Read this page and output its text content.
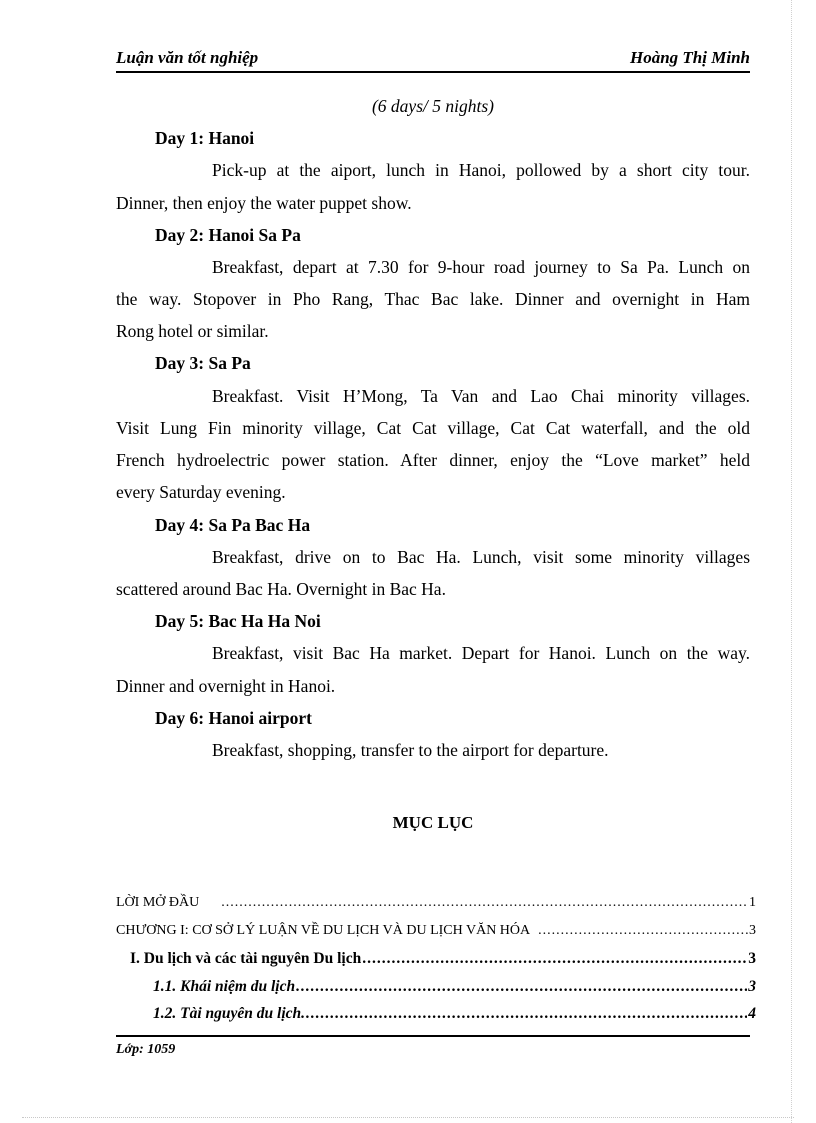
Luận văn tốt nghiệp	Hoàng Thị Minh
(6 days/ 5 nights)
Day 1: Hanoi
Pick-up at the aiport, lunch in Hanoi, pollowed by a short city tour.
Dinner, then enjoy the water puppet show.
Day 2: Hanoi Sa Pa
Breakfast, depart at 7.30 for 9-hour road journey to Sa Pa. Lunch on
the way. Stopover in Pho Rang, Thac Bac lake. Dinner and overnight in Ham
Rong hotel or similar.
Day 3: Sa Pa
Breakfast. Visit H’Mong, Ta Van and Lao Chai minority villages.
Visit Lung Fin minority village, Cat Cat village, Cat Cat waterfall, and the old
French hydroelectric power station. After dinner, enjoy the “Love market” held
every Saturday evening.
Day 4: Sa Pa Bac Ha
Breakfast, drive on to Bac Ha. Lunch, visit some minority villages
scattered around Bac Ha. Overnight in Bac Ha.
Day 5: Bac Ha Ha Noi
Breakfast, visit Bac Ha market. Depart for Hanoi. Lunch on the way.
Dinner and overnight in Hanoi.
Day 6: Hanoi airport
Breakfast, shopping, transfer to the airport for departure.
MỤC LỤC
LỜI MỞ ĐẦU .....	1
CHƯƠNG I: CƠ SỞ LÝ LUẬN VỀ DU LỊCH VÀ DU LỊCH VĂN HÓA .....	3
I. Du lịch và các tài nguyên Du lịch .....	3
1.1. Khái niệm du lịch .....	3
1.2. Tài nguyên du lịch. .....	4
Lớp: 1059
